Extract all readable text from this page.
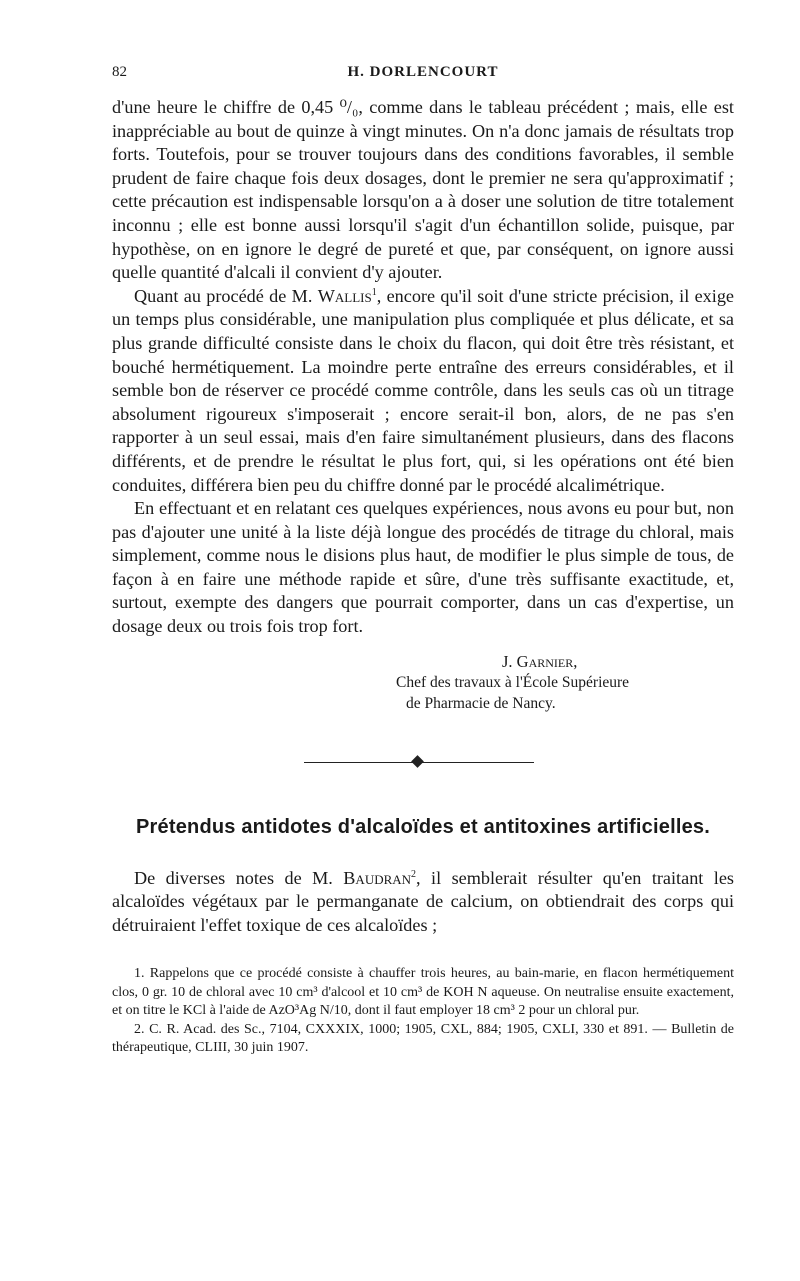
82	H. DORLENCOURT

d'une heure le chiffre de 0,45 ⁰/₀, comme dans le tableau précédent ; mais, elle est inappréciable au bout de quinze à vingt minutes. On n'a donc jamais de résultats trop forts. Toutefois, pour se trouver toujours dans des conditions favorables, il semble prudent de faire chaque fois deux dosages, dont le premier ne sera qu'approximatif ; cette précaution est indispensable lorsqu'on a à doser une solution de titre totalement inconnu ; elle est bonne aussi lorsqu'il s'agit d'un échantillon solide, puisque, par hypothèse, on en ignore le degré de pureté et que, par conséquent, on ignore aussi quelle quantité d'alcali il convient d'y ajouter.

Quant au procédé de M. Wallis$^1$, encore qu'il soit d'une stricte précision, il exige un temps plus considérable, une manipulation plus compliquée et plus délicate, et sa plus grande difficulté consiste dans le choix du flacon, qui doit être très résistant, et bouché hermétiquement. La moindre perte entraîne des erreurs considérables, et il semble bon de réserver ce procédé comme contrôle, dans les seuls cas où un titrage absolument rigoureux s'imposerait ; encore serait-il bon, alors, de ne pas s'en rapporter à un seul essai, mais d'en faire simultanément plusieurs, dans des flacons différents, et de prendre le résultat le plus fort, qui, si les opérations ont été bien conduites, différera bien peu du chiffre donné par le procédé alcalimétrique.

En effectuant et en relatant ces quelques expériences, nous avons eu pour but, non pas d'ajouter une unité à la liste déjà longue des procédés de titrage du chloral, mais simplement, comme nous le disions plus haut, de modifier le plus simple de tous, de façon à en faire une méthode rapide et sûre, d'une très suffisante exactitude, et, surtout, exempte des dangers que pourrait comporter, dans un cas d'expertise, un dosage deux ou trois fois trop fort.

J. Garnier,
Chef des travaux à l'École Supérieure
de Pharmacie de Nancy.
Prétendus antidotes d'alcaloïdes et antitoxines artificielles.

De diverses notes de M. Baudran$^2$, il semblerait résulter qu'en traitant les alcaloïdes végétaux par le permanganate de calcium, on obtiendrait des corps qui détruiraient l'effet toxique de ces alcaloïdes ;

1. Rappelons que ce procédé consiste à chauffer trois heures, au bain-marie, en flacon hermétiquement clos, 0 gr. 10 de chloral avec 10 cm³ d'alcool et 10 cm³ de KOH N aqueuse. On neutralise ensuite exactement, et on titre le KCl à l'aide de AzO³Ag N/10, dont il faut employer 18 cm³ 2 pour un chloral pur.

2. C. R. Acad. des Sc., 7104, CXXXIX, 1000; 1905, CXL, 884; 1905, CXLI, 330 et 891. — Bulletin de thérapeutique, CLIII, 30 juin 1907.
